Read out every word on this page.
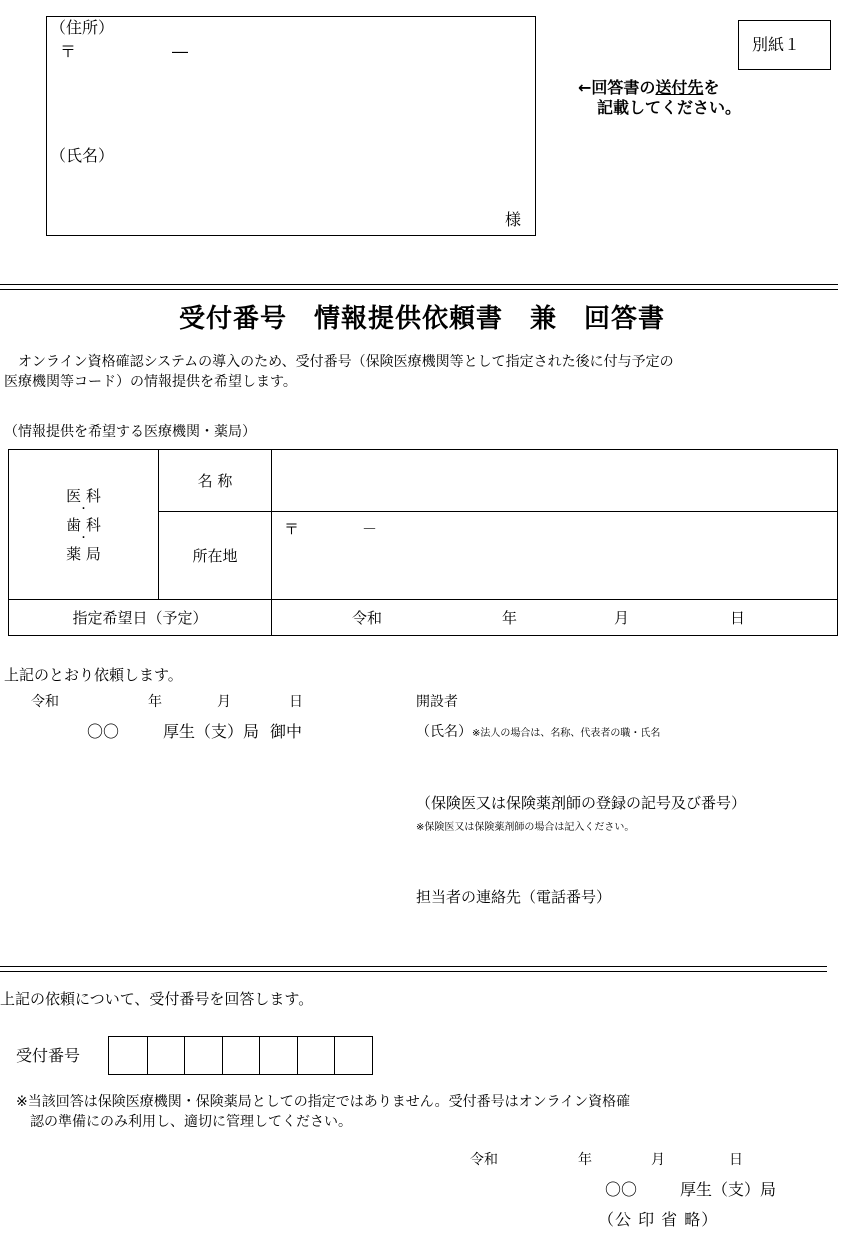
（住所）
〒	―
（氏名）
様
別紙１
←回答書の送付先を
記載してください。
受付番号　情報提供依頼書　兼　回答書
　オンライン資格確認システムの導入のため、受付番号（保険医療機関等として指定された後に付与予定の
医療機関等コード）の情報提供を希望します。
（情報提供を希望する医療機関・薬局）
医 科
・
歯 科
・
薬 局	名 称	
	所在地	〒 －

指定希望日（予定）		令和 年 月 日
上記のとおり依頼します。
令和	年	月	日
〇〇	厚生（支）局 御中
開設者
（氏名）※法人の場合は、名称、代表者の職・氏名
（保険医又は保険薬剤師の登録の記号及び番号）
※保険医又は保険薬剤師の場合は記入ください。
担当者の連絡先（電話番号）
上記の依頼について、受付番号を回答します。
受付番号
※当該回答は保険医療機関・保険薬局としての指定ではありません。受付番号はオンライン資格確
　認の準備にのみ利用し、適切に管理してください。
令和	年	月	日
〇〇	厚生（支）局
（公 印 省 略）
